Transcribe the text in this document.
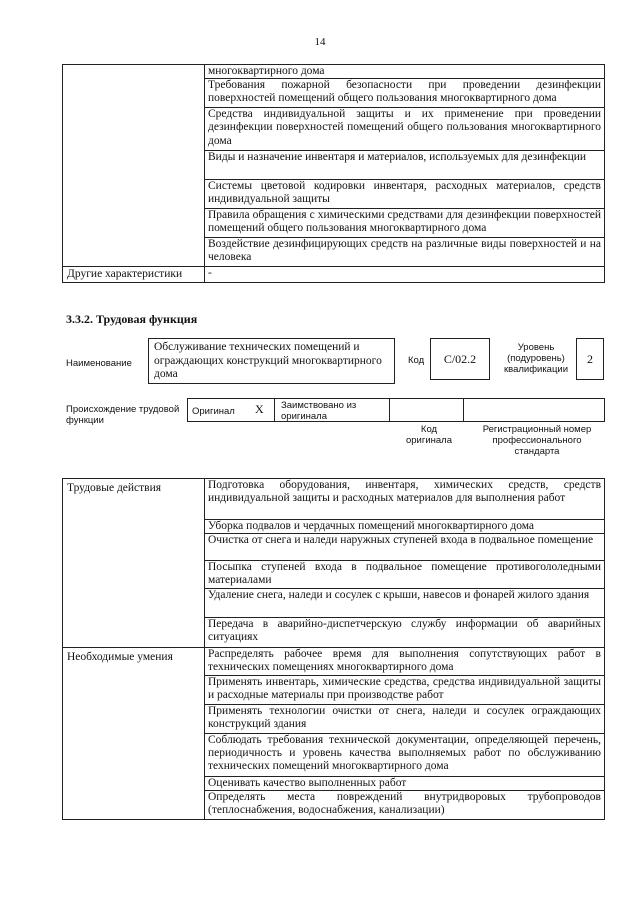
14
	многоквартирного дома
	Требования пожарной безопасности при проведении дезинфекции поверхностей помещений общего пользования многоквартирного дома
	Средства индивидуальной защиты и их применение при проведении дезинфекции поверхностей помещений общего пользования многоквартирного дома
	Виды и назначение инвентаря и материалов, используемых для дезинфекции
	Системы цветовой кодировки инвентаря, расходных материалов, средств индивидуальной защиты
	Правила обращения с химическими средствами для дезинфекции поверхностей помещений общего пользования многоквартирного дома
	Воздействие дезинфицирующих средств на различные виды поверхностей и на человека
Другие характеристики	-
3.3.2. Трудовая функция
Наименование
Обслуживание технических помещений и ограждающих конструкций многоквартирного дома
Код	C/02.2
Уровень (подуровень) квалификации
2
Происхождение трудовой функции
Оригинал X Заимствовано из оригинала
Код оригинала
Регистрационный номер профессионального стандарта
Трудовые действия	Подготовка оборудования, инвентаря, химических средств, средств индивидуальной защиты и расходных материалов для выполнения работ
	Уборка подвалов и чердачных помещений многоквартирного дома
	Очистка от снега и наледи наружных ступеней входа в подвальное помещение
	Посыпка ступеней входа в подвальное помещение противогололедными материалами
	Удаление снега, наледи и сосулек с крыши, навесов и фонарей жилого здания
	Передача в аварийно-диспетчерскую службу информации об аварийных ситуациях
Необходимые умения	Распределять рабочее время для выполнения сопутствующих работ в технических помещениях многоквартирного дома
	Применять инвентарь, химические средства, средства индивидуальной защиты и расходные материалы при производстве работ
	Применять технологии очистки от снега, наледи и сосулек ограждающих конструкций здания
	Соблюдать требования технической документации, определяющей перечень, периодичность и уровень качества выполняемых работ по обслуживанию технических помещений многоквартирного дома
	Оценивать качество выполненных работ
	Определять места повреждений внутридворовых трубопроводов (теплоснабжения, водоснабжения, канализации)
